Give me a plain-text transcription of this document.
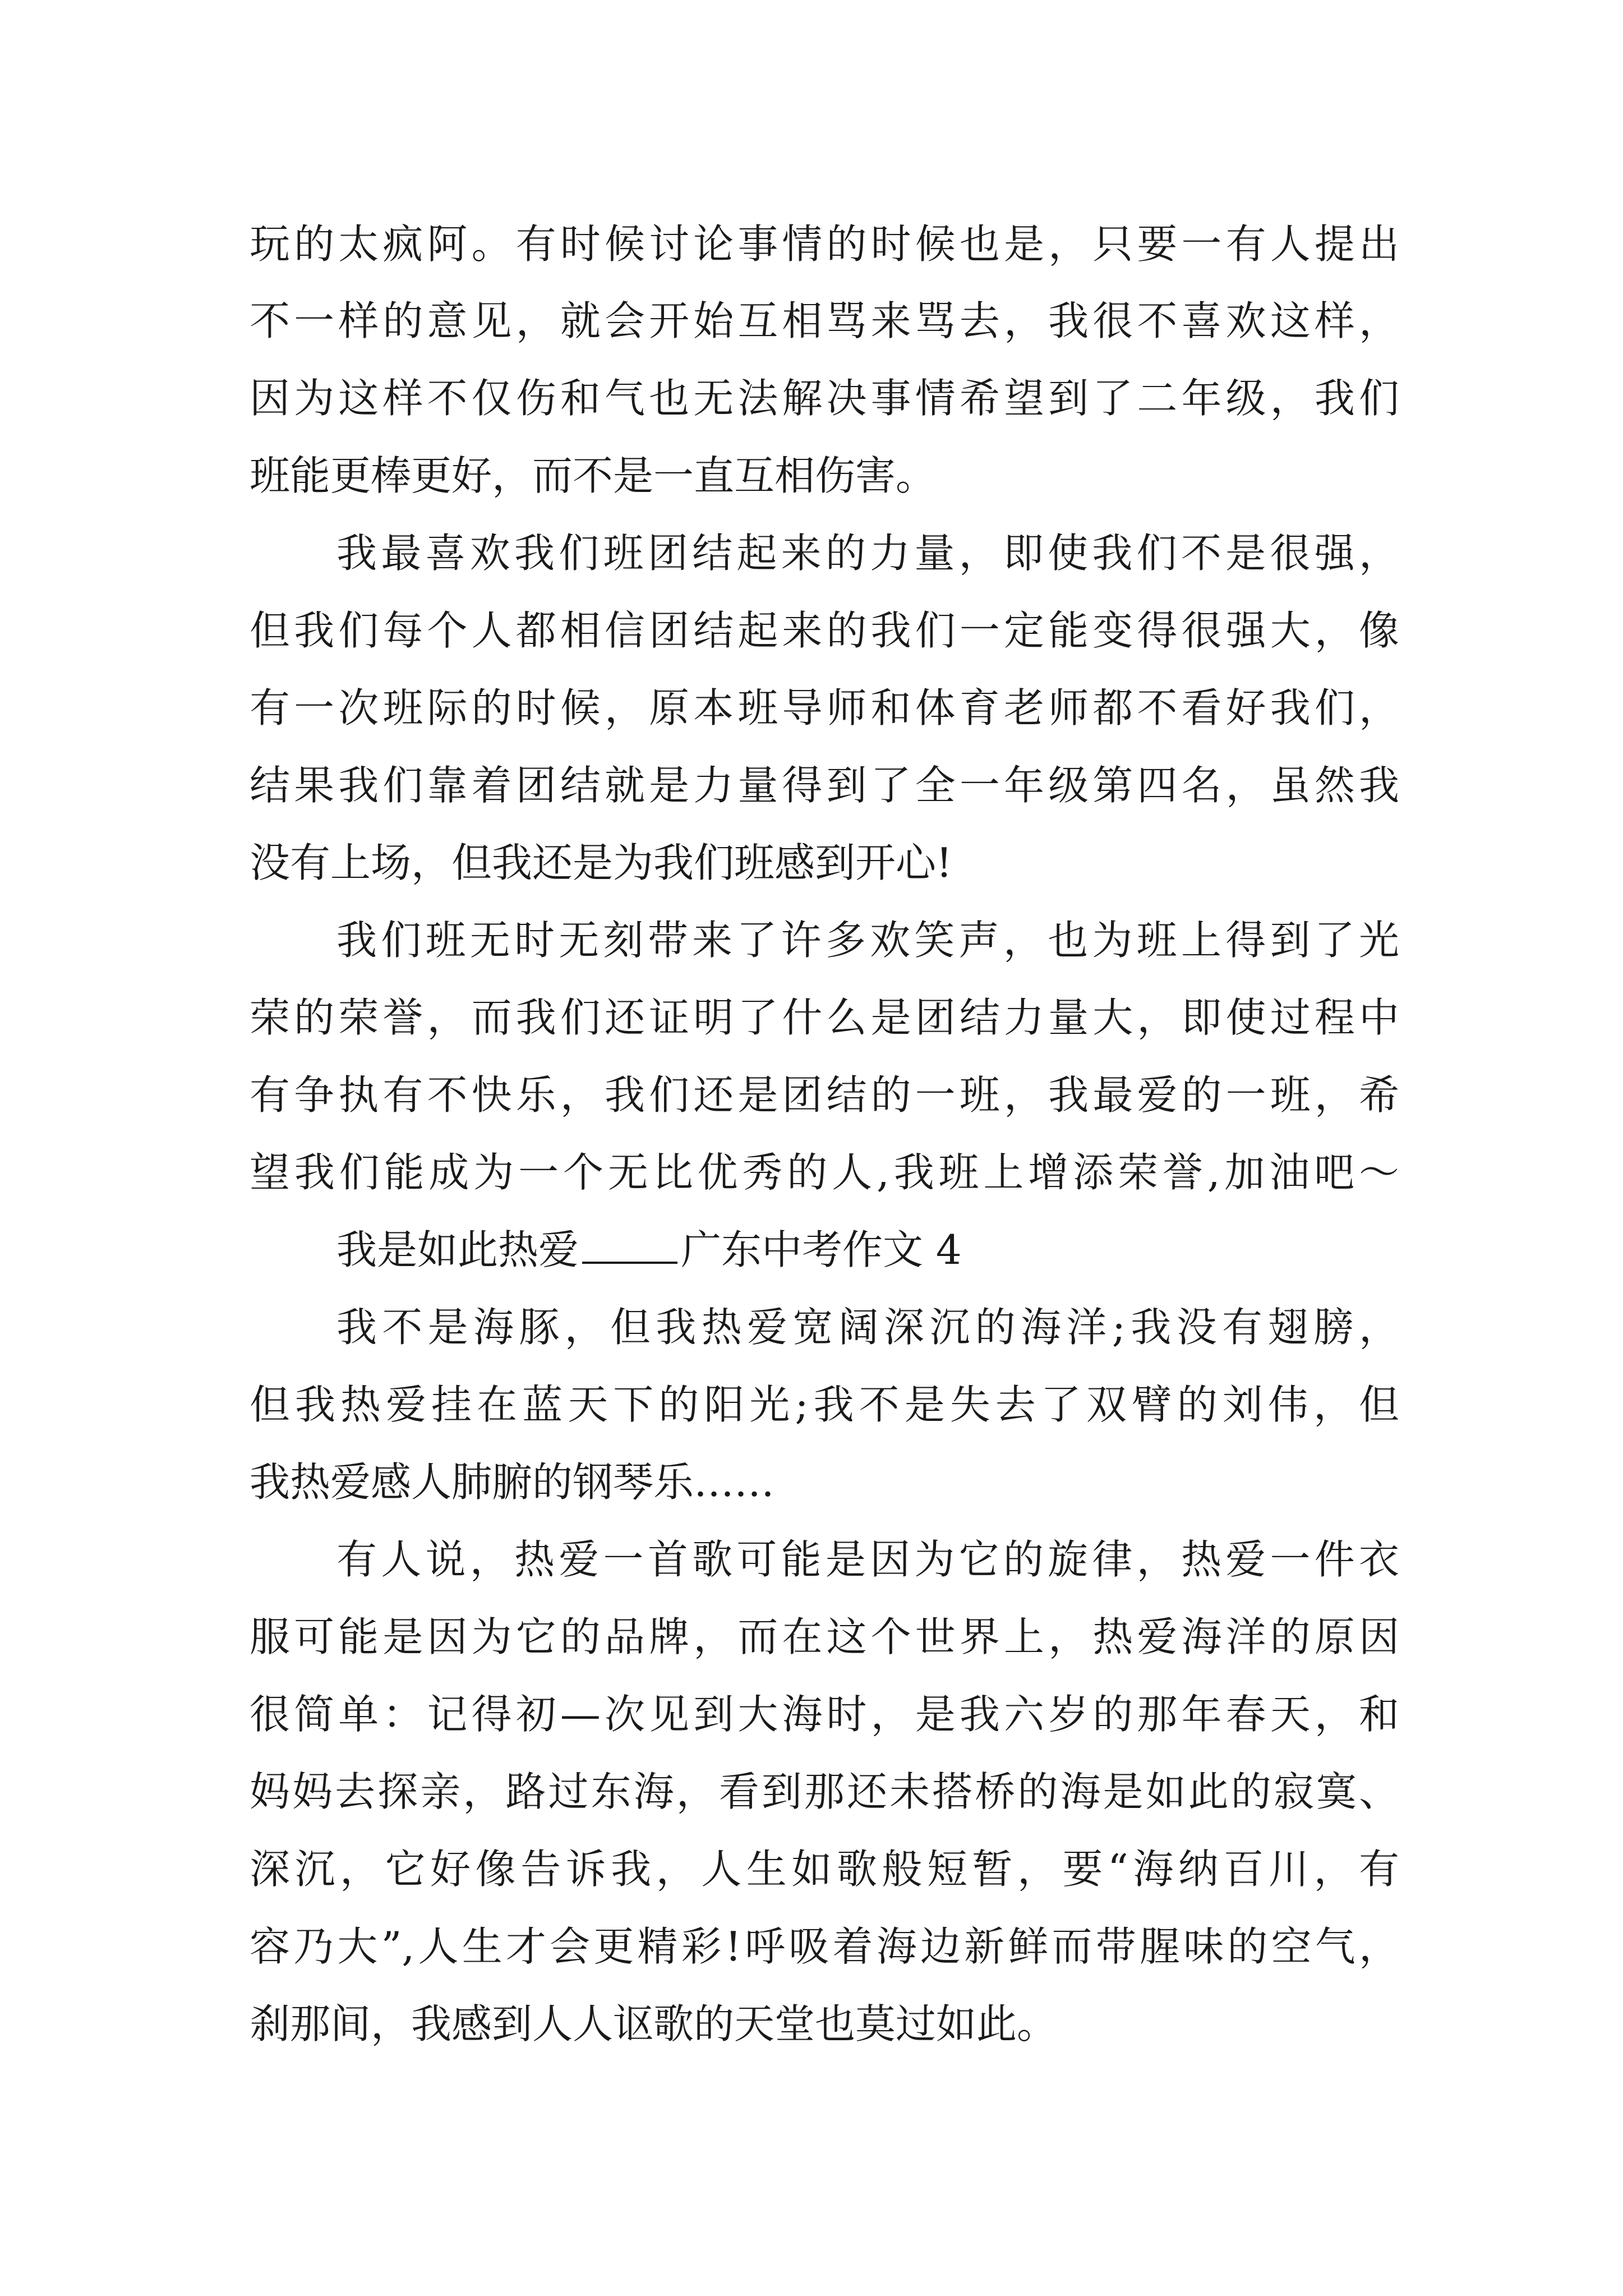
玩的太疯阿。有时候讨论事情的时候也是，只要一有人提出
不一样的意见，就会开始互相骂来骂去，我很不喜欢这样，
因为这样不仅伤和气也无法解决事情希望到了二年级，我们
班能更棒更好，而不是一直互相伤害。
我最喜欢我们班团结起来的力量，即使我们不是很强，
但我们每个人都相信团结起来的我们一定能变得很强大，像
有一次班际的时候，原本班导师和体育老师都不看好我们，
结果我们靠着团结就是力量得到了全一年级第四名，虽然我
没有上场，但我还是为我们班感到开心!
我们班无时无刻带来了许多欢笑声，也为班上得到了光
荣的荣誉，而我们还证明了什么是团结力量大，即使过程中
有争执有不快乐，我们还是团结的一班，我最爱的一班，希
望我们能成为一个无比优秀的人,我班上增添荣誉,加油吧～
我是如此热爱	广东中考作文 4
我不是海豚，但我热爱宽阔深沉的海洋;我没有翅膀，
但我热爱挂在蓝天下的阳光;我不是失去了双臂的刘伟，但
我热爱感人肺腑的钢琴乐……
有人说，热爱一首歌可能是因为它的旋律，热爱一件衣
服可能是因为它的品牌，而在这个世界上，热爱海洋的原因
很简单：记得初—次见到大海时，是我六岁的那年春天，和
妈妈去探亲，路过东海，看到那还未搭桥的海是如此的寂寞、
深沉，它好像告诉我，人生如歌般短暂，要“海纳百川，有
容乃大”,人生才会更精彩!呼吸着海边新鲜而带腥味的空气，
刹那间，我感到人人讴歌的天堂也莫过如此。
